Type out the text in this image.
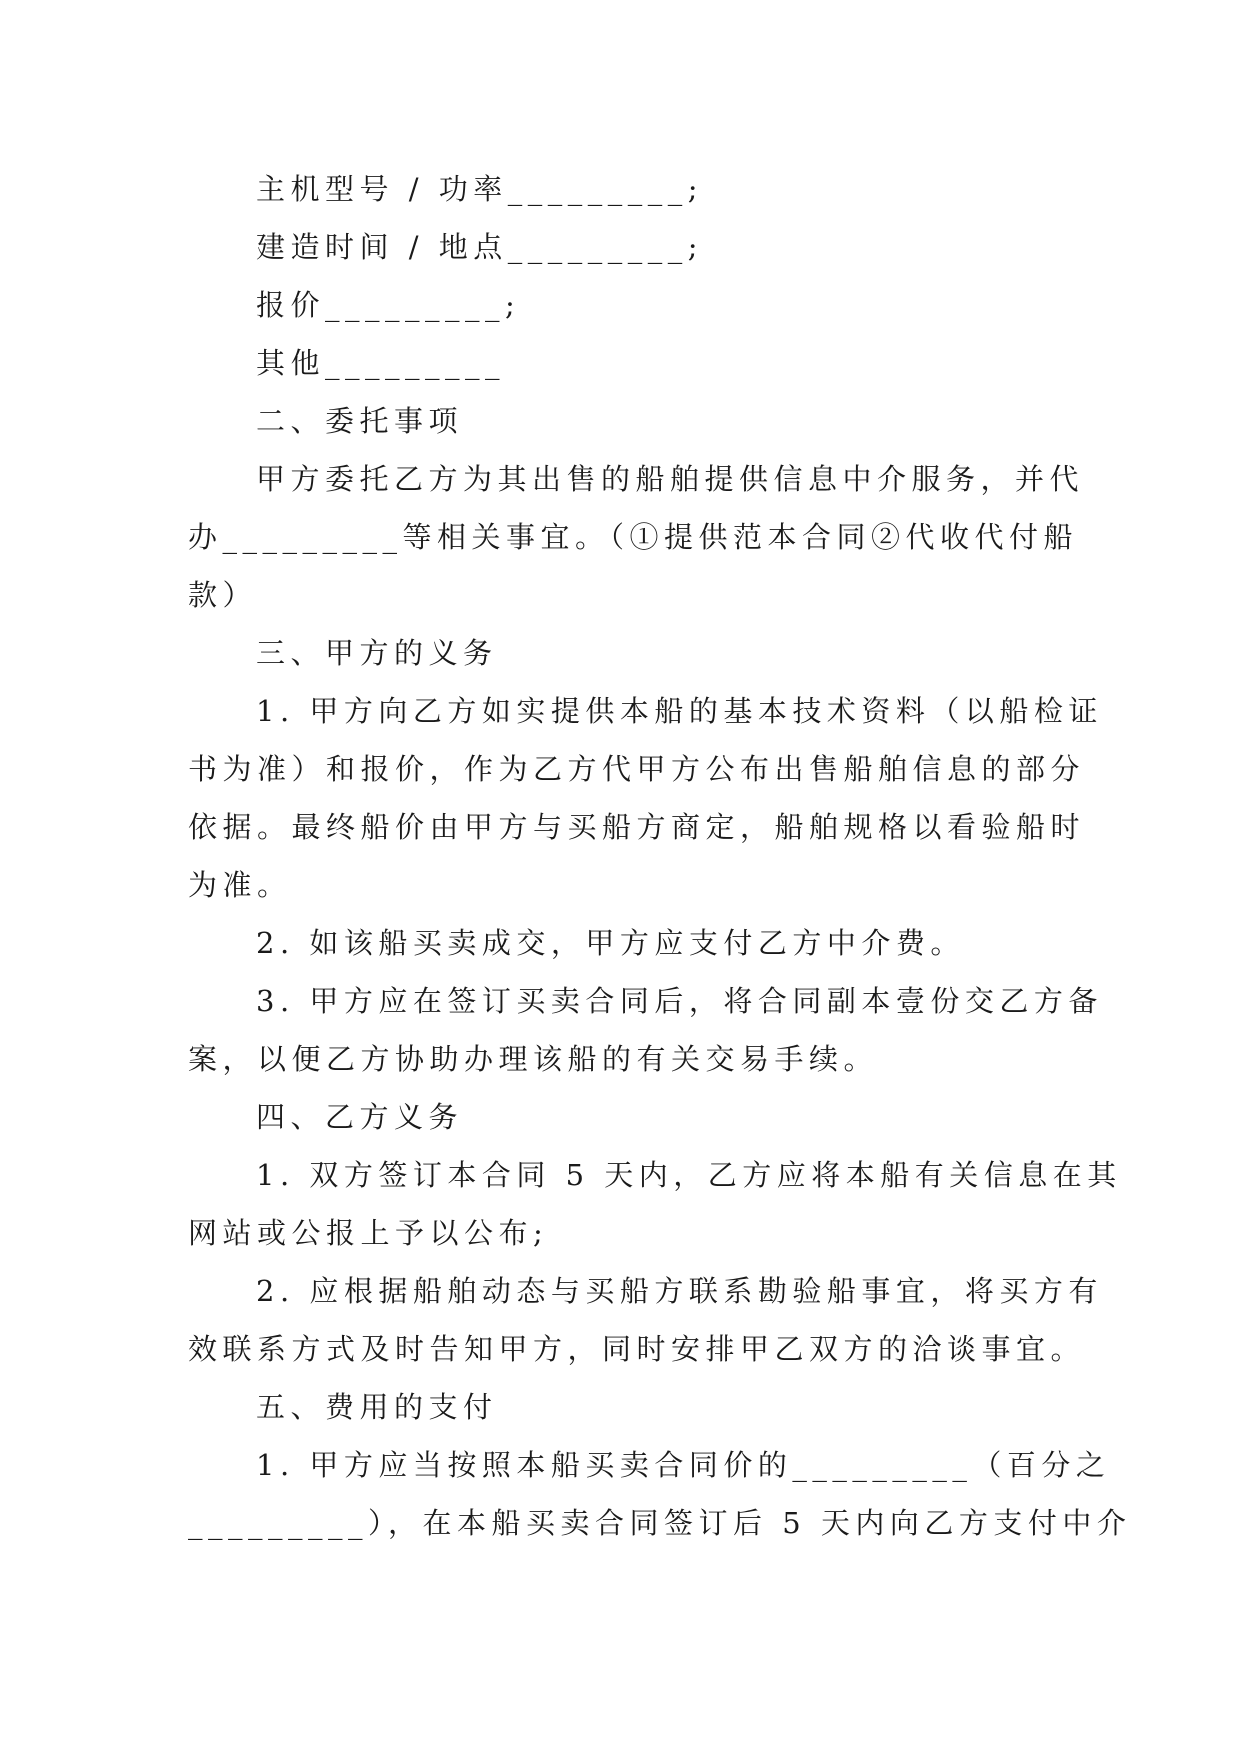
主机型号 / 功率_________;
建造时间 / 地点_________;
报价_________;
其他_________
二、委托事项
甲方委托乙方为其出售的船舶提供信息中介服务，并代
办_________等相关事宜。（①提供范本合同②代收代付船
款）
三、甲方的义务
1. 甲方向乙方如实提供本船的基本技术资料（以船检证
书为准）和报价，作为乙方代甲方公布出售船舶信息的部分
依据。最终船价由甲方与买船方商定，船舶规格以看验船时
为准。
2. 如该船买卖成交，甲方应支付乙方中介费。
3. 甲方应在签订买卖合同后，将合同副本壹份交乙方备
案，以便乙方协助办理该船的有关交易手续。
四、乙方义务
1. 双方签订本合同 5 天内，乙方应将本船有关信息在其
网站或公报上予以公布;
2. 应根据船舶动态与买船方联系勘验船事宜，将买方有
效联系方式及时告知甲方，同时安排甲乙双方的洽谈事宜。
五、费用的支付
1. 甲方应当按照本船买卖合同价的_________（百分之
_________），在本船买卖合同签订后 5 天内向乙方支付中介
